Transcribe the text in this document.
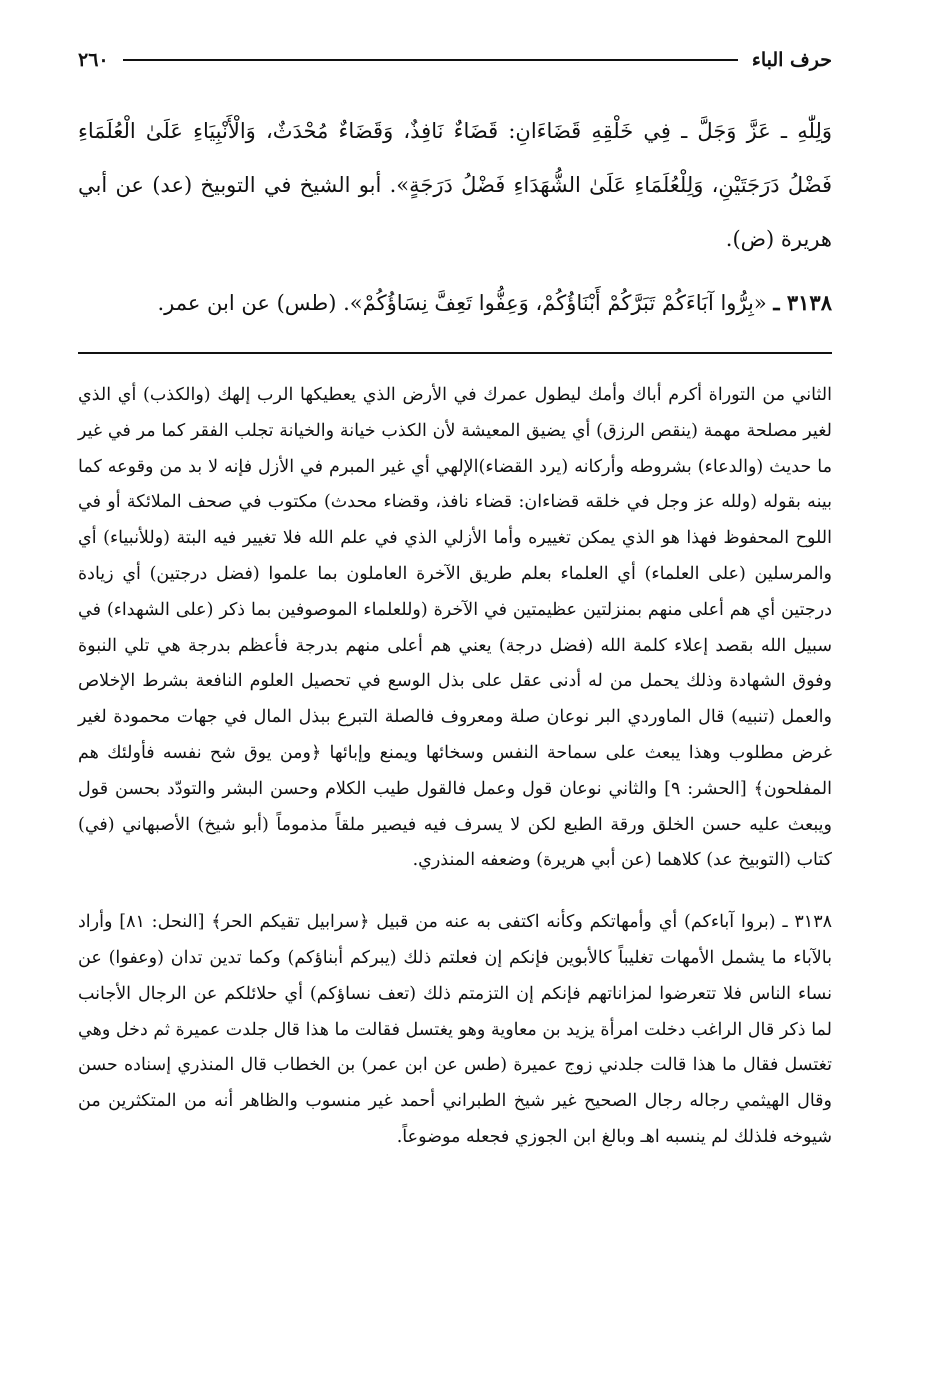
حرف الباء
٢٦٠

وَلِلّٰهِ ـ عَزَّ وَجَلَّ ـ فِي خَلْقِهِ قَضَاءَانِ: قَضَاءٌ نَافِذٌ، وَقَضَاءٌ مُحْدَثٌ، وَالْأَنْبِيَاءِ عَلَىٰ الْعُلَمَاءِ فَضْلُ دَرَجَتَيْنِ، وَلِلْعُلَمَاءِ عَلَىٰ الشُّهَدَاءِ فَضْلُ دَرَجَةٍ». أبو الشيخ في التوبيخ (عد) عن أبي هريرة (ض).

٣١٣٨ ـ «بِرُّوا آبَاءَكُمْ تَبَرَّكُمْ أَبْنَاؤُكُمْ، وَعِفُّوا تَعِفَّ نِسَاؤُكُمْ». (طس) عن ابن عمر.

الثاني من التوراة أكرم أباك وأمك ليطول عمرك في الأرض الذي يعطيكها الرب إلهك (والكذب) أي الذي لغير مصلحة مهمة (ينقص الرزق) أي يضيق المعيشة لأن الكذب خيانة والخيانة تجلب الفقر كما مر في غير ما حديث (والدعاء) بشروطه وأركانه (يرد القضاء)الإلهي أي غير المبرم في الأزل فإنه لا بد من وقوعه كما بينه بقوله (ولله عز وجل في خلقه قضاءان: قضاء نافذ، وقضاء محدث) مكتوب في صحف الملائكة أو في اللوح المحفوظ فهذا هو الذي يمكن تغييره وأما الأزلي الذي في علم الله فلا تغيير فيه البتة (وللأنبياء) أي والمرسلين (على العلماء) أي العلماء بعلم طريق الآخرة العاملون بما علموا (فضل درجتين) أي زيادة درجتين أي هم أعلى منهم بمنزلتين عظيمتين في الآخرة (وللعلماء الموصوفين بما ذكر (على الشهداء) في سبيل الله بقصد إعلاء كلمة الله (فضل درجة) يعني هم أعلى منهم بدرجة فأعظم بدرجة هي تلي النبوة وفوق الشهادة وذلك يحمل من له أدنى عقل على بذل الوسع في تحصيل العلوم النافعة بشرط الإخلاص والعمل (تنبيه) قال الماوردي البر نوعان صلة ومعروف فالصلة التبرع ببذل المال في جهات محمودة لغير غرض مطلوب وهذا يبعث على سماحة النفس وسخائها ويمنع وإبائها ﴿ومن يوق شح نفسه فأولئك هم المفلحون﴾ [الحشر: ٩] والثاني نوعان قول وعمل فالقول طيب الكلام وحسن البشر والتودّد بحسن قول ويبعث عليه حسن الخلق ورقة الطبع لكن لا يسرف فيه فيصير ملقاً مذموماً (أبو شيخ) الأصبهاني (في) كتاب (التوبيخ عد) كلاهما (عن أبي هريرة) وضعفه المنذري.

٣١٣٨ ـ (بروا آباءكم) أي وأمهاتكم وكأنه اكتفى به عنه من قبيل ﴿سرابيل تقيكم الحر﴾ [النحل: ٨١] وأراد بالآباء ما يشمل الأمهات تغليباً كالأبوين فإنكم إن فعلتم ذلك (يبركم أبناؤكم) وكما تدين تدان (وعفوا) عن نساء الناس فلا تتعرضوا لمزاناتهم فإنكم إن التزمتم ذلك (تعف نساؤكم) أي حلائلكم عن الرجال الأجانب لما ذكر قال الراغب دخلت امرأة يزيد بن معاوية وهو يغتسل فقالت ما هذا قال جلدت عميرة ثم دخل وهي تغتسل فقال ما هذا قالت جلدني زوج عميرة (طس عن ابن عمر) بن الخطاب قال المنذري إسناده حسن وقال الهيثمي رجاله رجال الصحيح غير شيخ الطبراني أحمد غير منسوب والظاهر أنه من المتكثرين من شيوخه فلذلك لم ينسبه اهـ وبالغ ابن الجوزي فجعله موضوعاً.
